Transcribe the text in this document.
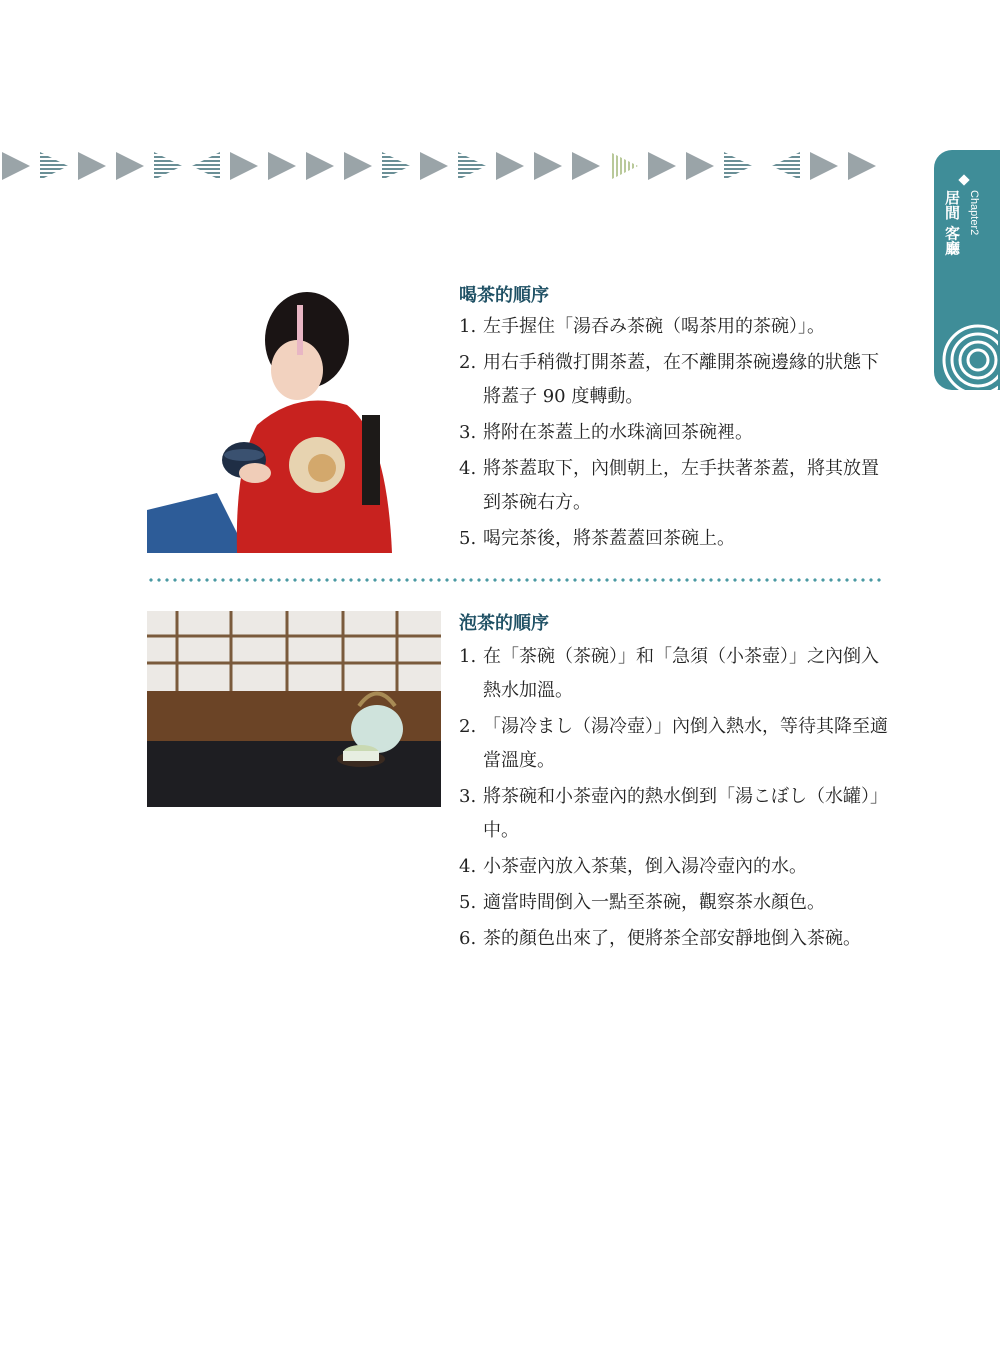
居間 客廳 Chapter2
喝茶的順序
1. 左手握住「湯吞み茶碗（喝茶用的茶碗）」。
2. 用右手稍微打開茶蓋，在不離開茶碗邊緣的狀態下將蓋子 90 度轉動。
3. 將附在茶蓋上的水珠滴回茶碗裡。
4. 將茶蓋取下，內側朝上，左手扶著茶蓋，將其放置到茶碗右方。
5. 喝完茶後，將茶蓋蓋回茶碗上。
泡茶的順序
1. 在「茶碗（茶碗）」和「急須（小茶壺）」之內倒入熱水加溫。
2. 「湯冷まし（湯冷壺）」內倒入熱水，等待其降至適當溫度。
3. 將茶碗和小茶壺內的熱水倒到「湯こぼし（水罐）」中。
4. 小茶壺內放入茶葉，倒入湯冷壺內的水。
5. 適當時間倒入一點至茶碗，觀察茶水顏色。
6. 茶的顏色出來了，便將茶全部安靜地倒入茶碗。
